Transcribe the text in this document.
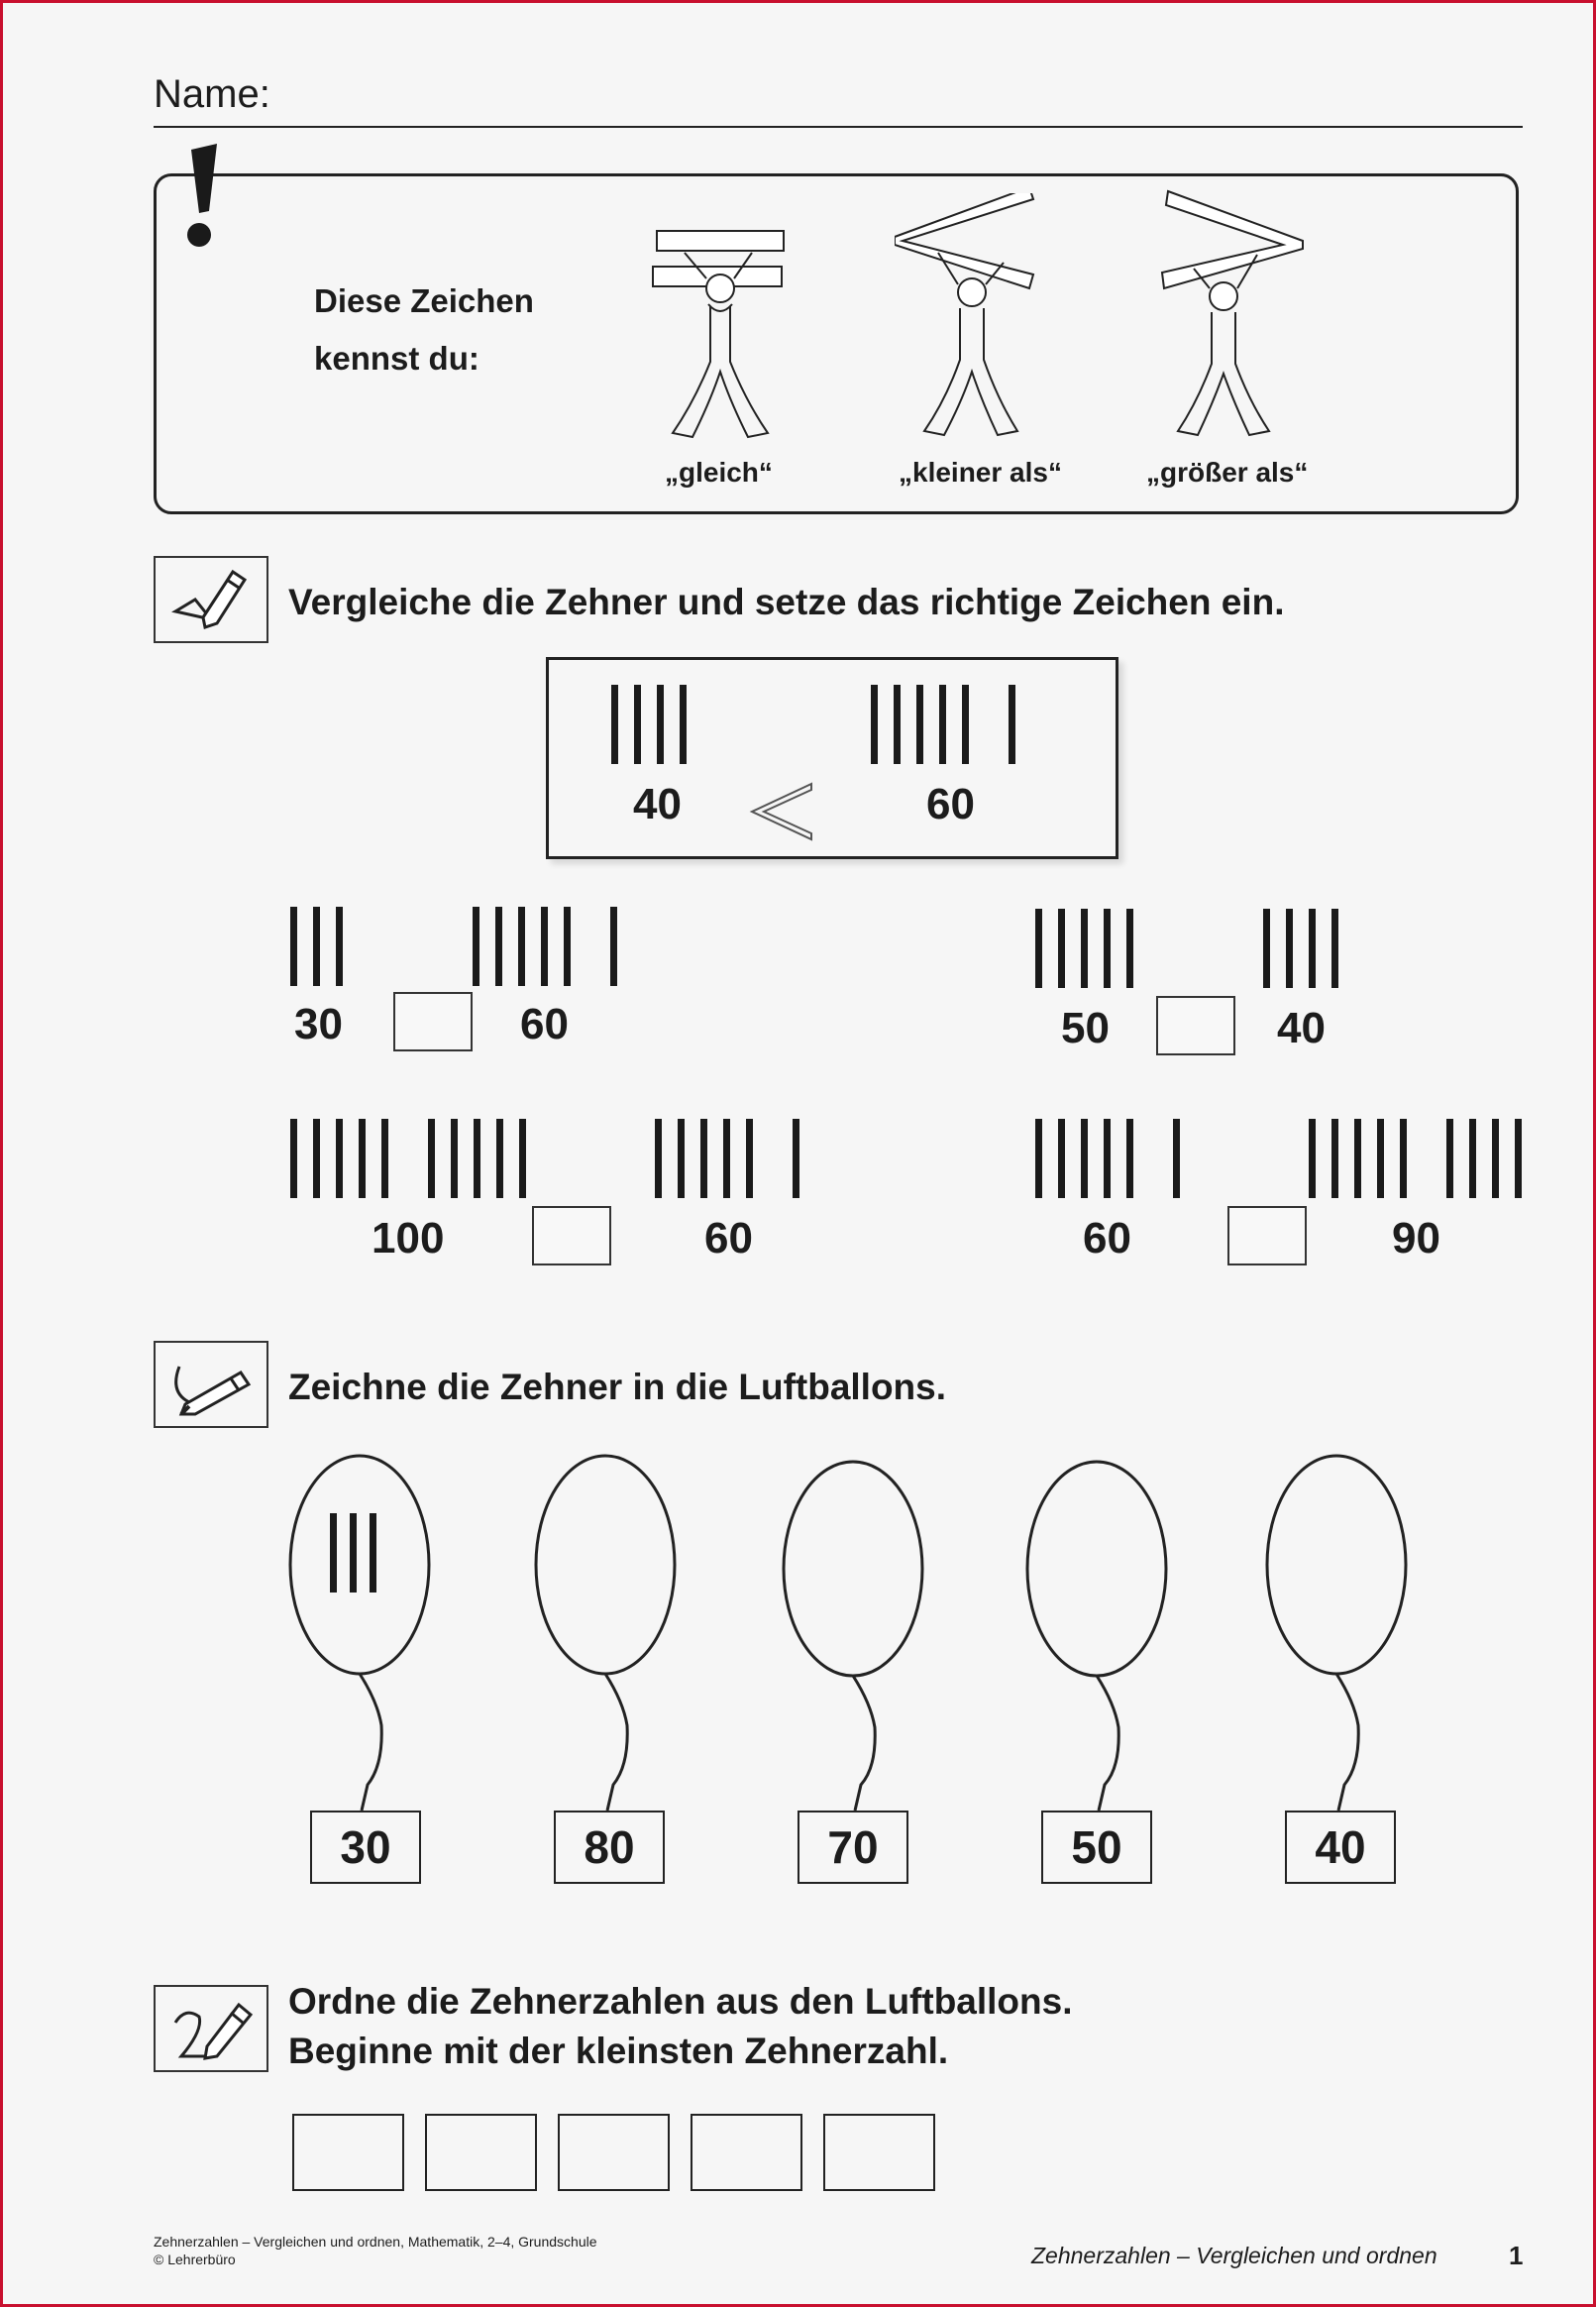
Name:
Diese Zeichen
kennst du:
„gleich“	„kleiner als“	„größer als“
Vergleiche die Zehner und setze das richtige Zeichen ein.
40	60
30	60	50	40
100	60	60	90
Zeichne die Zehner in die Luftballons.
30	80	70	50	40
Ordne die Zehnerzahlen aus den Luftballons.
Beginne mit der kleinsten Zehnerzahl.
Zehnerzahlen – Vergleichen und ordnen, Mathematik, 2–4, Grundschule
© Lehrerbüro	Zehnerzahlen – Vergleichen und ordnen	1
